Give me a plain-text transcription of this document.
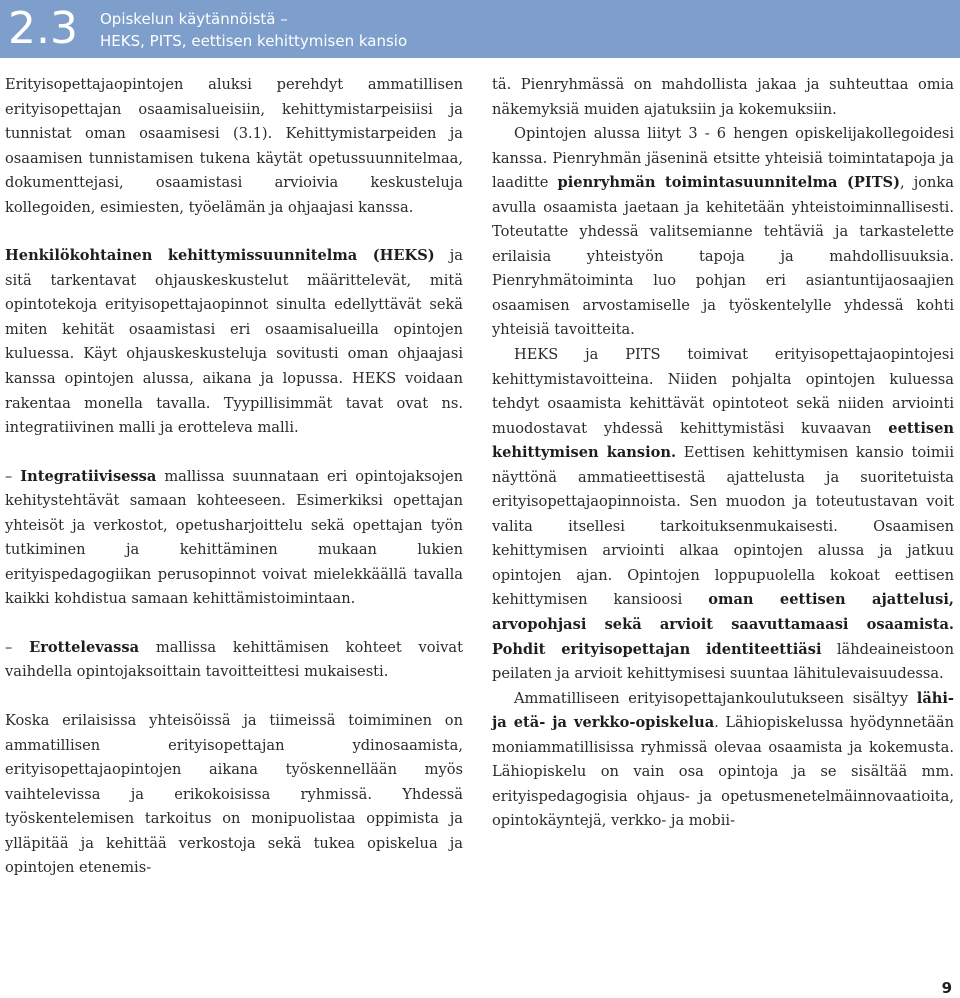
2.3 Opiskelun käytännöistä –
HEKS, PITS, eettisen kehittymisen kansio

Erityisopettajaopintojen aluksi perehdyt ammatillisen erityisopettajan osaamisalueisiin, kehittymistarpeisiisi ja tunnistat oman osaamisesi (3.1). Kehittymistarpeiden ja osaamisen tunnistamisen tukena käytät opetussuunnitelmaa, dokumenttejasi, osaamistasi arvioivia keskusteluja kollegoiden, esimiesten, työelämän ja ohjaajasi kanssa.

Henkilökohtainen kehittymissuunnitelma (HEKS) ja sitä tarkentavat ohjauskeskustelut määrittelevät, mitä opintotekoja erityisopettajaopinnot sinulta edellyttävät sekä miten kehität osaamistasi eri osaamisalueilla opintojen kuluessa. Käyt ohjauskeskusteluja sovitusti oman ohjaajasi kanssa opintojen alussa, aikana ja lopussa. HEKS voidaan rakentaa monella tavalla. Tyypillisimmät tavat ovat ns. integratiivinen malli ja erotteleva malli.

– Integratiivisessa mallissa suunnataan eri opintojaksojen kehitystehtävät samaan kohteeseen. Esimerkiksi opettajan yhteisöt ja verkostot, opetusharjoittelu sekä opettajan työn tutkiminen ja kehittäminen mukaan lukien erityispedagogiikan perusopinnot voivat mielekkäällä tavalla kaikki kohdistua samaan kehittämistoimintaan.

– Erottelevassa mallissa kehittämisen kohteet voivat vaihdella opintojaksoittain tavoitteittesi mukaisesti.

Koska erilaisissa yhteisöissä ja tiimeissä toimiminen on ammatillisen erityisopettajan ydinosaamista, erityisopettajaopintojen aikana työskennellään myös vaihtelevissa ja erikokoisissa ryhmissä. Yhdessä työskentelemisen tarkoitus on monipuolistaa oppimista ja ylläpitää ja kehittää verkostoja sekä tukea opiskelua ja opintojen etenemis-

tä. Pienryhmässä on mahdollista jakaa ja suhteuttaa omia näkemyksiä muiden ajatuksiin ja kokemuksiin.

Opintojen alussa liityt 3 - 6 hengen opiskelijakollegoidesi kanssa. Pienryhmän jäseninä etsitte yhteisiä toimintatapoja ja laaditte pienryhmän toimintasuunnitelma (PITS), jonka avulla osaamista jaetaan ja kehitetään yhteistoiminnallisesti. Toteutatte yhdessä valitsemianne tehtäviä ja tarkastelette erilaisia yhteistyön tapoja ja mahdollisuuksia. Pienryhmätoiminta luo pohjan eri asiantuntijaosaajien osaamisen arvostamiselle ja työskentelylle yhdessä kohti yhteisiä tavoitteita.

HEKS ja PITS toimivat erityisopettajaopintojesi kehittymistavoitteina. Niiden pohjalta opintojen kuluessa tehdyt osaamista kehittävät opintoteot sekä niiden arviointi muodostavat yhdessä kehittymistäsi kuvaavan eettisen kehittymisen kansion. Eettisen kehittymisen kansio toimii näyttönä ammatieettisestä ajattelusta ja suoritetuista erityisopettajaopinnoista. Sen muodon ja toteutustavan voit valita itsellesi tarkoituksenmukaisesti. Osaamisen kehittymisen arviointi alkaa opintojen alussa ja jatkuu opintojen ajan. Opintojen loppupuolella kokoat eettisen kehittymisen kansioosi oman eettisen ajattelusi, arvopohjasi sekä arvioit saavuttamaasi osaamista. Pohdit erityisopettajan identiteettiäsi lähdeaineistoon peilaten ja arvioit kehittymisesi suuntaa lähitulevaisuudessa.

Ammatilliseen erityisopettajankoulutukseen sisältyy lähi- ja etä- ja verkko-opiskelua. Lähiopiskelussa hyödynnetään moniammatillisissa ryhmissä olevaa osaamista ja kokemusta. Lähiopiskelu on vain osa opintoja ja se sisältää mm. erityispedagogisia ohjaus- ja opetusmenetelmäinnovaatioita, opintokäyntejä, verkko- ja mobii-

9
